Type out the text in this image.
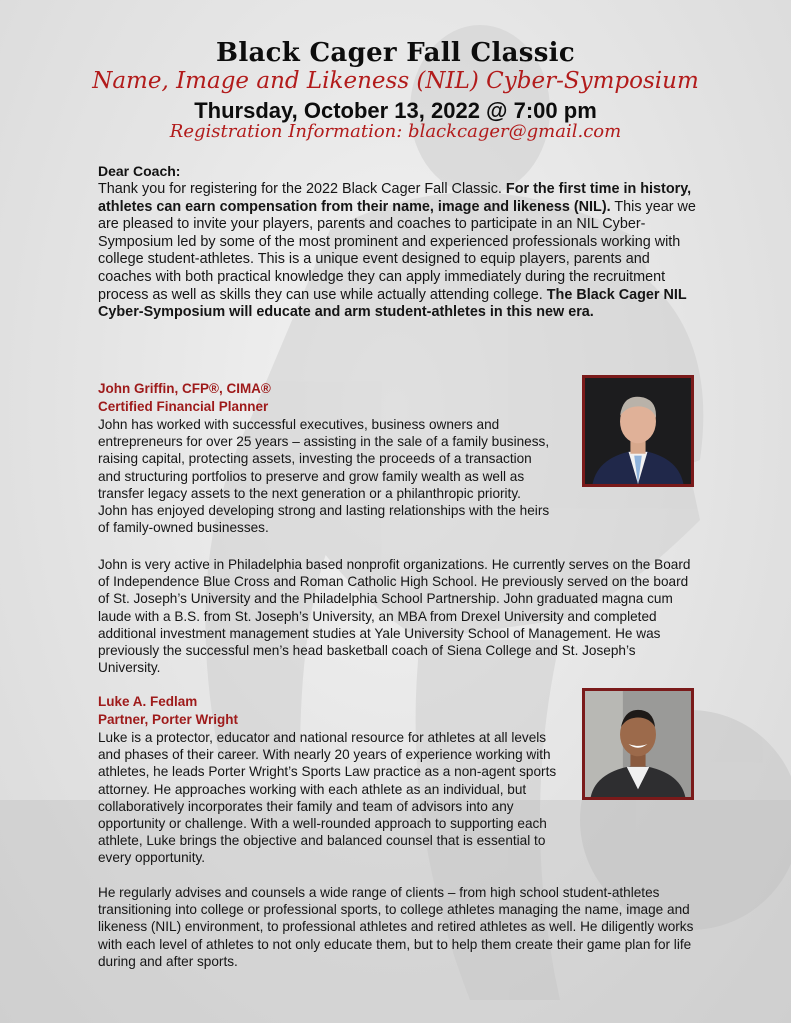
Black Cager Fall Classic
Name, Image and Likeness (NIL) Cyber-Symposium
Thursday, October 13, 2022 @ 7:00 pm
Registration Information: blackcager@gmail.com
Dear Coach:
Thank you for registering for the 2022 Black Cager Fall Classic. For the first time in history, athletes can earn compensation from their name, image and likeness (NIL). This year we are pleased to invite your players, parents and coaches to participate in an NIL Cyber-Symposium led by some of the most prominent and experienced professionals working with college student-athletes. This is a unique event designed to equip players, parents and coaches with both practical knowledge they can apply immediately during the recruitment process as well as skills they can use while actually attending college. The Black Cager NIL Cyber-Symposium will educate and arm student-athletes in this new era.
John Griffin, CFP®, CIMA®
Certified Financial Planner
John has worked with successful executives, business owners and entrepreneurs for over 25 years – assisting in the sale of a family business, raising capital, protecting assets, investing the proceeds of a transaction and structuring portfolios to preserve and grow family wealth as well as transfer legacy assets to the next generation or a philanthropic priority. John has enjoyed developing strong and lasting relationships with the heirs of family-owned businesses.
John is very active in Philadelphia based nonprofit organizations. He currently serves on the Board of Independence Blue Cross and Roman Catholic High School. He previously served on the board of St. Joseph’s University and the Philadelphia School Partnership. John graduated magna cum laude with a B.S. from St. Joseph’s University, an MBA from Drexel University and completed additional investment management studies at Yale University School of Management. He was previously the successful men’s head basketball coach of Siena College and St. Joseph’s University.
Luke A. Fedlam
Partner, Porter Wright
Luke is a protector, educator and national resource for athletes at all levels and phases of their career. With nearly 20 years of experience working with athletes, he leads Porter Wright’s Sports Law practice as a non-agent sports attorney. He approaches working with each athlete as an individual, but collaboratively incorporates their family and team of advisors into any opportunity or challenge. With a well-rounded approach to supporting each athlete, Luke brings the objective and balanced counsel that is essential to every opportunity.
He regularly advises and counsels a wide range of clients – from high school student-athletes transitioning into college or professional sports, to college athletes managing the name, image and likeness (NIL) environment, to professional athletes and retired athletes as well. He diligently works with each level of athletes to not only educate them, but to help them create their game plan for life during and after sports.
